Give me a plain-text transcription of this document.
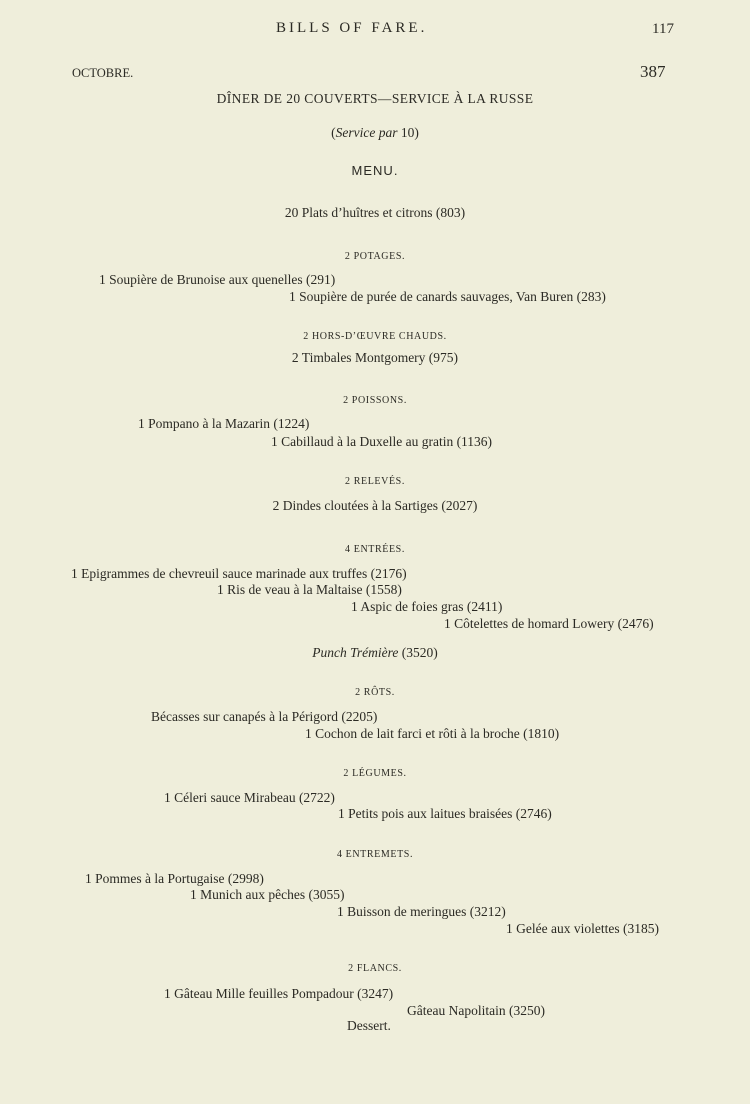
BILLS OF FARE.	117
OCTOBRE.	387
DÎNER DE 20 COUVERTS—SERVICE À LA RUSSE
(Service par 10)
MENU.
20 Plats d’huîtres et citrons (803)
2 POTAGES.
1 Soupière de Brunoise aux quenelles (291)
1 Soupière de purée de canards sauvages, Van Buren (283)
2 HORS-D’ŒUVRE CHAUDS.
2 Timbales Montgomery (975)
2 POISSONS.
1 Pompano à la Mazarin (1224)
1 Cabillaud à la Duxelle au gratin (1136)
2 RELEVÉS.
2 Dindes cloutées à la Sartiges (2027)
4 ENTRÉES.
1 Epigrammes de chevreuil sauce marinade aux truffes (2176)
1 Ris de veau à la Maltaise (1558)
1 Aspic de foies gras (2411)
1 Côtelettes de homard Lowery (2476)
Punch Trémière (3520)
2 RÔTS.
Bécasses sur canapés à la Périgord (2205)
1 Cochon de lait farci et rôti à la broche (1810)
2 LÉGUMES.
1 Céleri sauce Mirabeau (2722)
1 Petits pois aux laitues braisées (2746)
4 ENTREMETS.
1 Pommes à la Portugaise (2998)
1 Munich aux pêches (3055)
1 Buisson de meringues (3212)
1 Gelée aux violettes (3185)
2 FLANCS.
1 Gâteau Mille feuilles Pompadour (3247)
Gâteau Napolitain (3250)
Dessert.
